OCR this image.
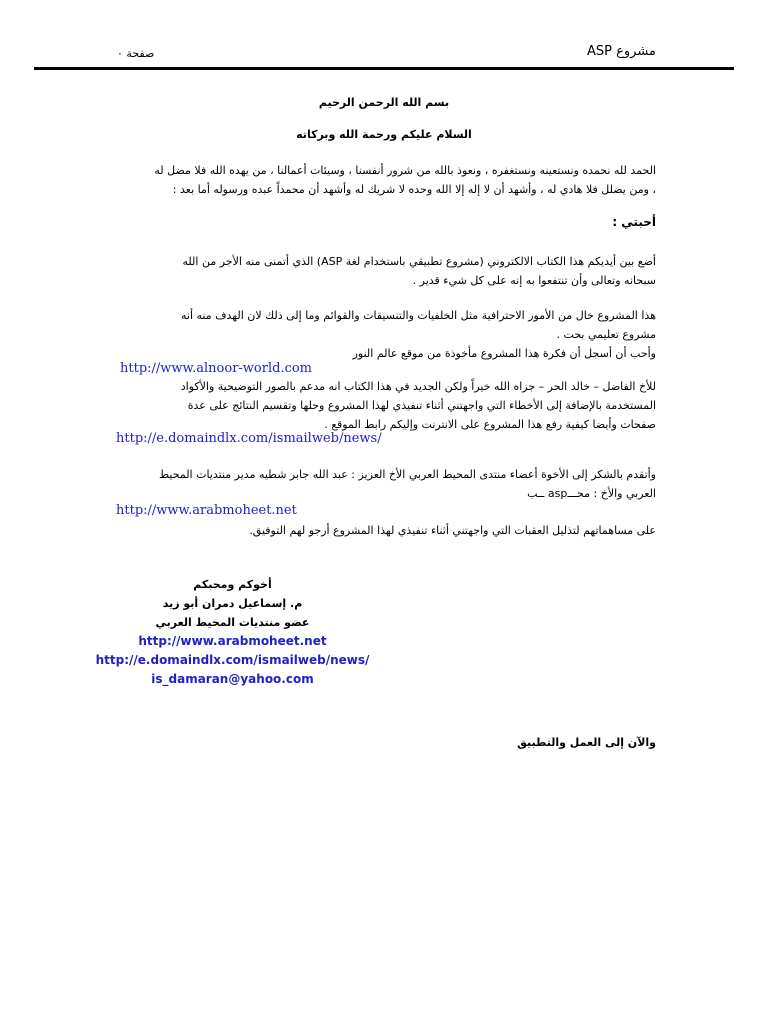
مشروع ASP
صفحة ٠
بسم الله الرحمن الرحيم
السلام عليكم ورحمة الله وبركاته

الحمد لله نحمده ونستعينه ونستغفره ، ونعوذ بالله من شرور أنفسنا ، وسيئات أعمالنا ، من يهده الله فلا مضل له

، ومن يضلل فلا هادي له ، وأشهد أن لا إله إلا الله وحده لا شريك له وأشهد أن محمداً عبده ورسوله أما بعد :

أحبتي :

أضع بين أيديكم هذا الكتاب الالكتروني (مشروع تطبيقي باستخدام لغة ASP) الذي أتمنى منه الأجر من الله

سبحانه وتعالى وأن تنتفعوا به إنه على كل شيء قدير .

هذا المشروع خال من الأمور الاحترافية مثل الخلفيات والتنسيقات والقوائم وما إلى ذلك لان الهدف منه أنه

مشروع تعليمي بحت .

وأحب أن أسجل أن فكرة هذا المشروع مأخوذة من موقع عالم النور

http://www.alnoor-world.com

للأخ الفاضل – خالد الحر – جزاه الله خيراً ولكن الجديد في هذا الكتاب انه مدعم بالصور التوضيحية والأكواد

المستخدمة بالإضافة إلى الأخطاء التي واجهتني أثناء تنفيذي لهذا المشروع وحلها وتقسيم النتائج على عدة

صفحات وأيضا كيفية رفع هذا المشروع على الانترنت وإليكم رابط الموقع .

http://e.domaindlx.com/ismailweb/news/

وأتقدم بالشكر إلى الأخوة أعضاء منتدى المحيط العربي الأخ العزيز : عبد الله جابر شطيه مدير منتديات المحيط

العربي والأخ : محـــasp ــب

http://www.arabmoheet.net

على مساهماتهم لتذليل العقبات التي واجهتني أثناء تنفيذي لهذا المشروع أرجو لهم التوفيق.

أخوكم ومحبكم
م. إسماعيل دمران أبو زيد
عضو منتديات المحيط العربي
http://www.arabmoheet.net
http://e.domaindlx.com/ismailweb/news/
is_damaran@yahoo.com
والآن إلى العمل والتطبيق
